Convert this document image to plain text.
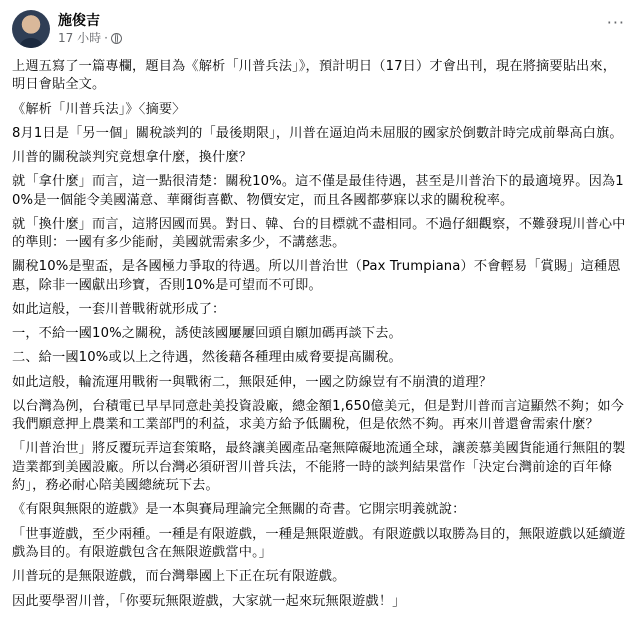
施俊吉
17 小時 ·
···

上週五寫了一篇專欄，題目為《解析「川普兵法」》，預計明日（17日）才會出刊，現在將摘要貼出來，明日會貼全文。

《解析「川普兵法」》〈摘要〉

8月1日是「另一個」關稅談判的「最後期限」，川普在逼迫尚未屈服的國家於倒數計時完成前舉高白旗。

川普的關稅談判究竟想拿什麼，換什麼？

就「拿什麼」而言，這一點很清楚：關稅10%。這不僅是最佳待遇，甚至是川普治下的最適境界。因為10%是一個能令美國滿意、華爾街喜歡、物價安定，而且各國都夢寐以求的關稅稅率。

就「換什麼」而言，這將因國而異。對日、韓、台的目標就不盡相同。不過仔細觀察，不難發現川普心中的準則：一國有多少能耐，美國就需索多少，不講慈悲。

關稅10%是聖盃，是各國極力爭取的待遇。所以川普治世（Pax Trumpiana）不會輕易「賞賜」這種恩惠，除非一國獻出珍寶，否則10%是可望而不可即。

如此這般，一套川普戰術就形成了：

一，不給一國10%之關稅，誘使該國屢屢回頭自願加碼再談下去。

二、給一國10%或以上之待遇，然後藉各種理由威脅要提高關稅。

如此這般，輪流運用戰術一與戰術二，無限延伸，一國之防線豈有不崩潰的道理？

以台灣為例，台積電已早早同意赴美投資設廠，總金額1,650億美元，但是對川普而言這顯然不夠；如今我們願意押上農業和工業部門的利益，求美方給予低關稅，但是依然不夠。再來川普還會需索什麼？

「川普治世」將反覆玩弄這套策略，最終讓美國產品毫無障礙地流通全球，讓羨慕美國貨能通行無阻的製造業都到美國設廠。所以台灣必須研習川普兵法，不能將一時的談判結果當作「決定台灣前途的百年條約」，務必耐心陪美國總統玩下去。

《有限與無限的遊戲》是一本與賽局理論完全無關的奇書。它開宗明義就說：

「世事遊戲，至少兩種。一種是有限遊戲，一種是無限遊戲。有限遊戲以取勝為目的，無限遊戲以延續遊戲為目的。有限遊戲包含在無限遊戲當中。」

川普玩的是無限遊戲，而台灣舉國上下正在玩有限遊戲。

因此要學習川普，「你要玩無限遊戲，大家就一起來玩無限遊戲！」
